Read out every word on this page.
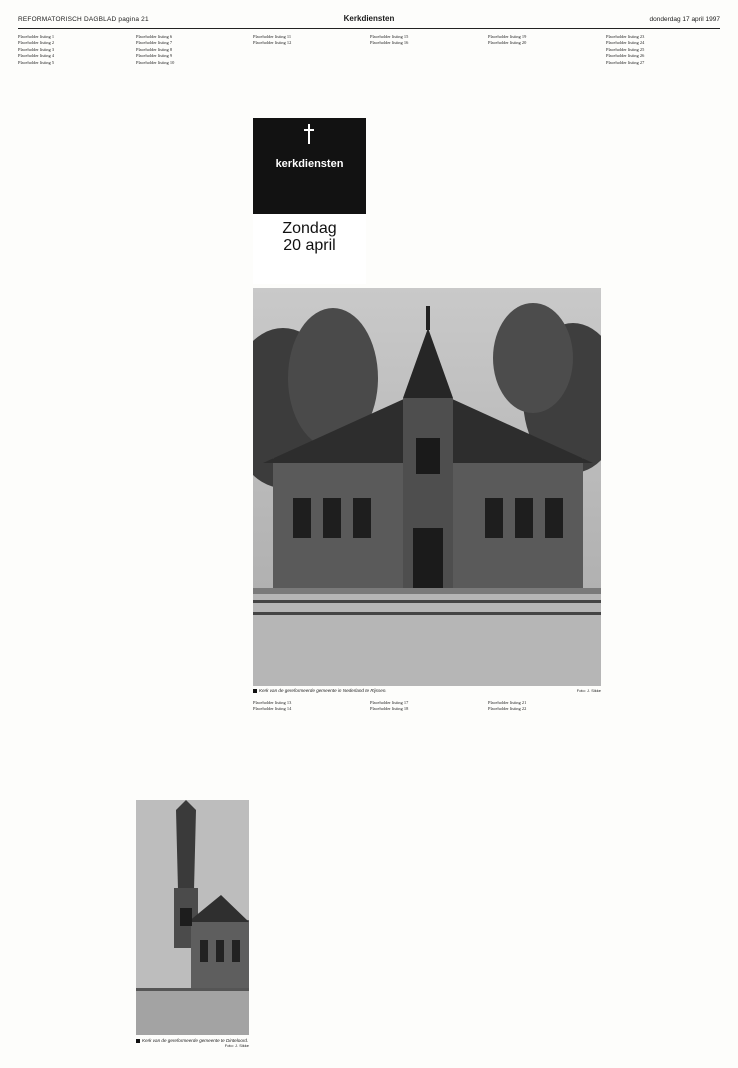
REFORMATORISCH DAGBLAD pagina 21	Kerkdiensten	donderdag 17 april 1997

Placeholder listing 1

Placeholder listing 2

Placeholder listing 3

Placeholder listing 4

Placeholder listing 5

Placeholder listing 6

Placeholder listing 7

Placeholder listing 8

Placeholder listing 9

Placeholder listing 10

Placeholder listing 11

Placeholder listing 12

Placeholder listing 15

Placeholder listing 16

Placeholder listing 19

Placeholder listing 20

Placeholder listing 23

Placeholder listing 24

Placeholder listing 25

Placeholder listing 26

Placeholder listing 27

Placeholder listing 13

Placeholder listing 14

Placeholder listing 17

Placeholder listing 18

Placeholder listing 21

Placeholder listing 22

kerkdiensten
Zondag
20 april
Kerk van de gereformeerde gemeente in Nederland te Rijssen.	Foto: J. Sikke
Kerk van de gereformeerde gemeente te Dinteloord.
Foto: J. Sikke
